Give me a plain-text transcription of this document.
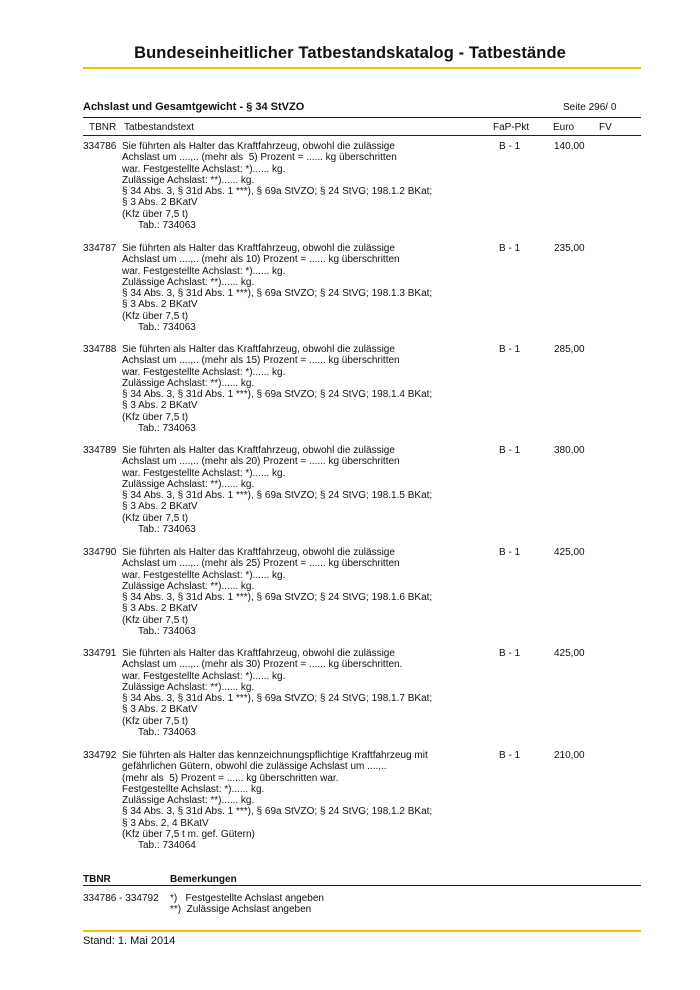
Bundeseinheitlicher Tatbestandskatalog - Tatbestände
Achslast und Gesamtgewicht - § 34 StVZO	Seite 296/ 0
TBNR Tatbestandstext	FaP-Pkt Euro FV
334786 Sie führten als Halter das Kraftfahrzeug, obwohl die zulässige
Achslast um ....,.. (mehr als  5) Prozent = ...... kg überschritten
war. Festgestellte Achslast: *)...... kg.
Zulässige Achslast: **)...... kg.
§ 34 Abs. 3, § 31d Abs. 1 ***), § 69a StVZO; § 24 StVG; 198.1.2 BKat;
§ 3 Abs. 2 BKatV
(Kfz über 7,5 t)
Tab.: 734063
B - 1	140,00
334787 Sie führten als Halter das Kraftfahrzeug, obwohl die zulässige
Achslast um ....,.. (mehr als 10) Prozent = ...... kg überschritten
war. Festgestellte Achslast: *)...... kg.
Zulässige Achslast: **)...... kg.
§ 34 Abs. 3, § 31d Abs. 1 ***), § 69a StVZO; § 24 StVG; 198.1.3 BKat;
§ 3 Abs. 2 BKatV
(Kfz über 7,5 t)
Tab.: 734063
B - 1	235,00
334788 Sie führten als Halter das Kraftfahrzeug, obwohl die zulässige
Achslast um ....,.. (mehr als 15) Prozent = ...... kg überschritten
war. Festgestellte Achslast: *)...... kg.
Zulässige Achslast: **)...... kg.
§ 34 Abs. 3, § 31d Abs. 1 ***), § 69a StVZO; § 24 StVG; 198.1.4 BKat;
§ 3 Abs. 2 BKatV
(Kfz über 7,5 t)
Tab.: 734063
B - 1	285,00
334789 Sie führten als Halter das Kraftfahrzeug, obwohl die zulässige
Achslast um ....,.. (mehr als 20) Prozent = ...... kg überschritten
war. Festgestellte Achslast: *)...... kg.
Zulässige Achslast: **)...... kg.
§ 34 Abs. 3, § 31d Abs. 1 ***), § 69a StVZO; § 24 StVG; 198.1.5 BKat;
§ 3 Abs. 2 BKatV
(Kfz über 7,5 t)
Tab.: 734063
B - 1	380,00
334790 Sie führten als Halter das Kraftfahrzeug, obwohl die zulässige
Achslast um ....,.. (mehr als 25) Prozent = ...... kg überschritten
war. Festgestellte Achslast: *)...... kg.
Zulässige Achslast: **)...... kg.
§ 34 Abs. 3, § 31d Abs. 1 ***), § 69a StVZO; § 24 StVG; 198.1.6 BKat;
§ 3 Abs. 2 BKatV
(Kfz über 7,5 t)
Tab.: 734063
B - 1	425,00
334791 Sie führten als Halter das Kraftfahrzeug, obwohl die zulässige
Achslast um ....,.. (mehr als 30) Prozent = ...... kg überschritten.
war. Festgestellte Achslast: *)...... kg.
Zulässige Achslast: **)...... kg.
§ 34 Abs. 3, § 31d Abs. 1 ***), § 69a StVZO; § 24 StVG; 198.1.7 BKat;
§ 3 Abs. 2 BKatV
(Kfz über 7,5 t)
Tab.: 734063
B - 1	425,00
334792 Sie führten als Halter das kennzeichnungspflichtige Kraftfahrzeug mit
gefährlichen Gütern, obwohl die zulässige Achslast um ....,..
(mehr als  5) Prozent = ...... kg überschritten war.
Festgestellte Achslast: *)...... kg.
Zulässige Achslast: **)...... kg.
§ 34 Abs. 3, § 31d Abs. 1 ***), § 69a StVZO; § 24 StVG; 198.1.2 BKat;
§ 3 Abs. 2, 4 BKatV
(Kfz über 7,5 t m. gef. Gütern)
Tab.: 734064
B - 1	210,00
TBNR	Bemerkungen
334786 - 334792 *)   Festgestellte Achslast angeben
**)  Zulässige Achslast angeben
Stand: 1. Mai 2014
